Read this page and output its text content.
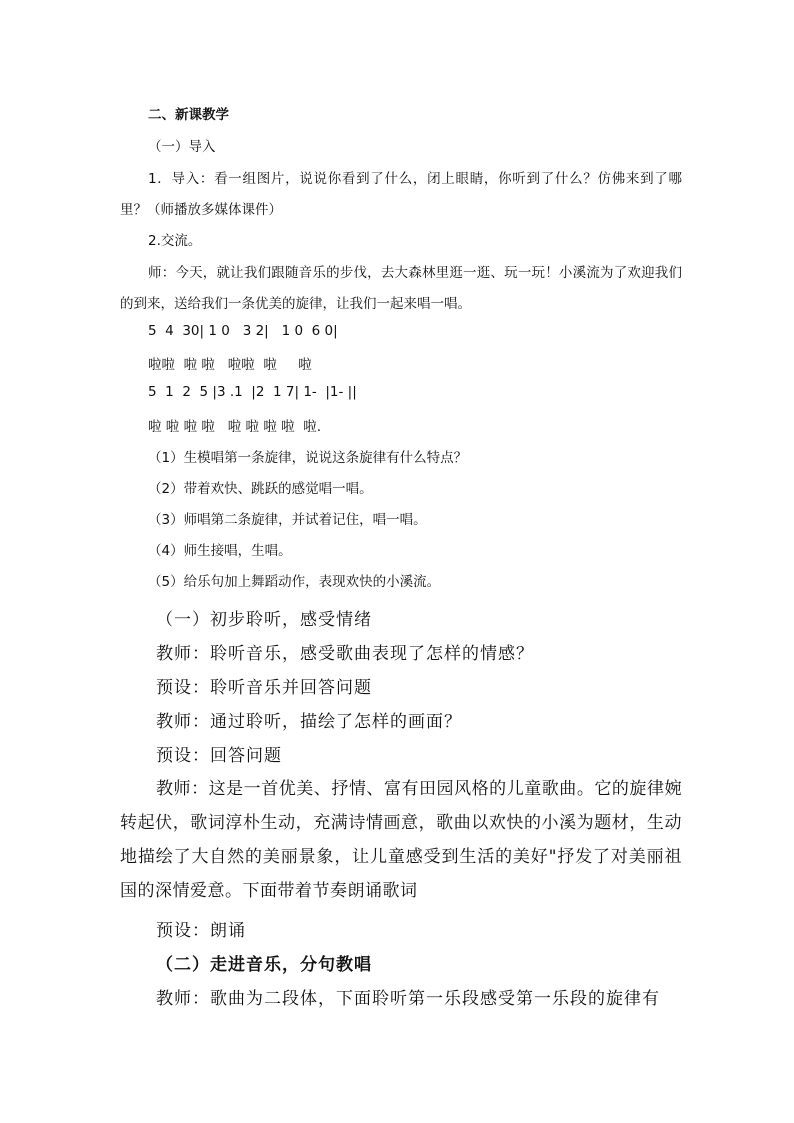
二、新课教学
（一）导入
1．导入：看一组图片，说说你看到了什么，闭上眼睛，你听到了什么？仿佛来到了哪里？（师播放多媒体课件）
2.交流。
师：今天，就让我们跟随音乐的步伐，去大森林里逛一逛、玩一玩！小溪流为了欢迎我们的到来，送给我们一条优美的旋律，让我们一起来唱一唱。
5  4  30| 1 0   3 2|   1 0  6 0|
啦啦  啦 啦   啦啦  啦     啦
5  1  2  5 |3 .1  |2  1 7| 1-  |1- ||
啦 啦 啦 啦   啦 啦 啦 啦  啦.
（1）生模唱第一条旋律，说说这条旋律有什么特点？
（2）带着欢快、跳跃的感觉唱一唱。
（3）师唱第二条旋律，并试着记住，唱一唱。
（4）师生接唱，生唱。
（5）给乐句加上舞蹈动作，表现欢快的小溪流。
（一）初步聆听，感受情绪
教师：聆听音乐，感受歌曲表现了怎样的情感？
预设：聆听音乐并回答问题
教师：通过聆听，描绘了怎样的画面？
预设：回答问题
教师：这是一首优美、抒情、富有田园风格的儿童歌曲。它的旋律婉转起伏，歌词淳朴生动，充满诗情画意，歌曲以欢快的小溪为题材，生动地描绘了大自然的美丽景象，让儿童感受到生活的美好"抒发了对美丽祖国的深情爱意。下面带着节奏朗诵歌词
预设：朗诵
（二）走进音乐，分句教唱
教师：歌曲为二段体，下面聆听第一乐段感受第一乐段的旋律有
